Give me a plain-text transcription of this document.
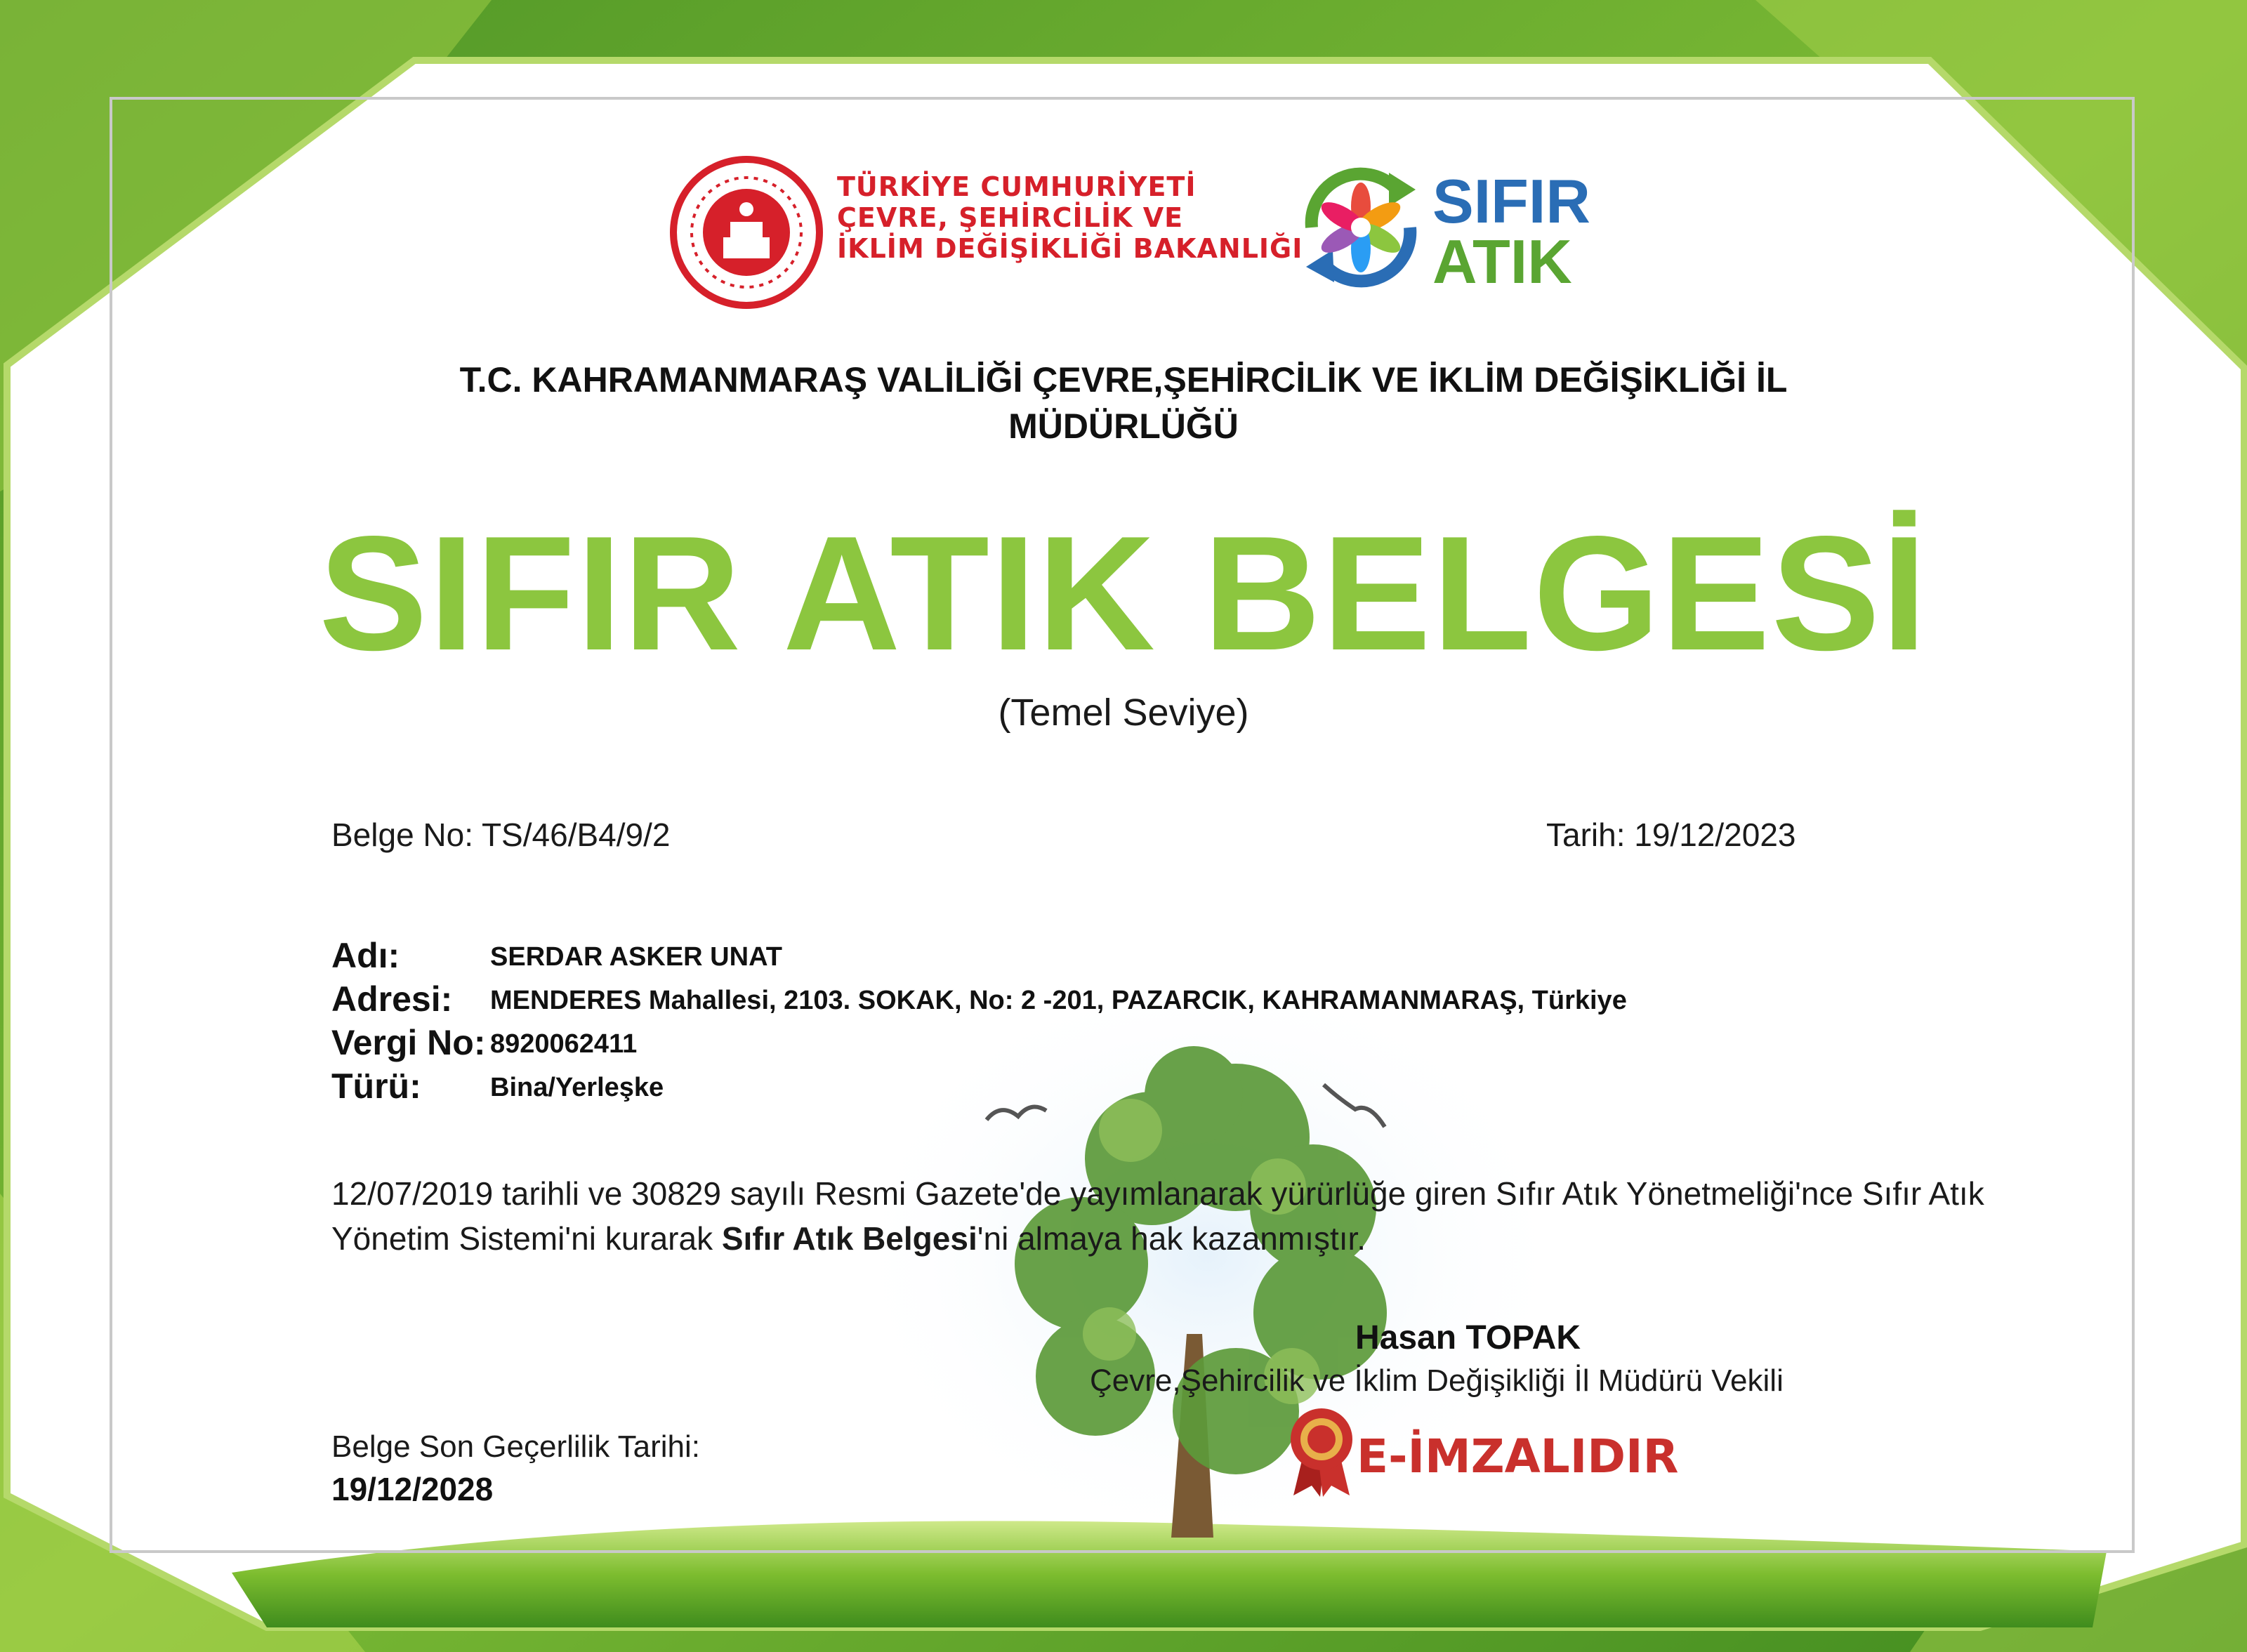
TÜRKİYE CUMHURİYETİ
ÇEVRE, ŞEHİRCİLİK VE
İKLİM DEĞİŞİKLİĞİ BAKANLIĞI
SIFIR
ATIK
T.C. KAHRAMANMARAŞ VALİLİĞİ ÇEVRE,ŞEHİRCİLİK VE İKLİM DEĞİŞİKLİĞİ İL
MÜDÜRLÜĞÜ
SIFIR ATIK BELGESİ
(Temel Seviye)
Belge No: TS/46/B4/9/2	Tarih: 19/12/2023
Adı:	SERDAR ASKER UNAT
Adresi: MENDERES Mahallesi, 2103. SOKAK, No: 2 -201, PAZARCIK, KAHRAMANMARAŞ, Türkiye
Vergi No: 8920062411
Türü:	Bina/Yerleşke
12/07/2019 tarihli ve 30829 sayılı Resmi Gazete'de yayımlanarak yürürlüğe giren Sıfır Atık Yönetmeliği'nce Sıfır Atık Yönetim Sistemi'ni kurarak Sıfır Atık Belgesi'ni almaya hak kazanmıştır.
Hasan TOPAK
Çevre,Şehircilik ve İklim Değişikliği İl Müdürü Vekili
E-İMZALIDIR
Belge Son Geçerlilik Tarihi:
19/12/2028
